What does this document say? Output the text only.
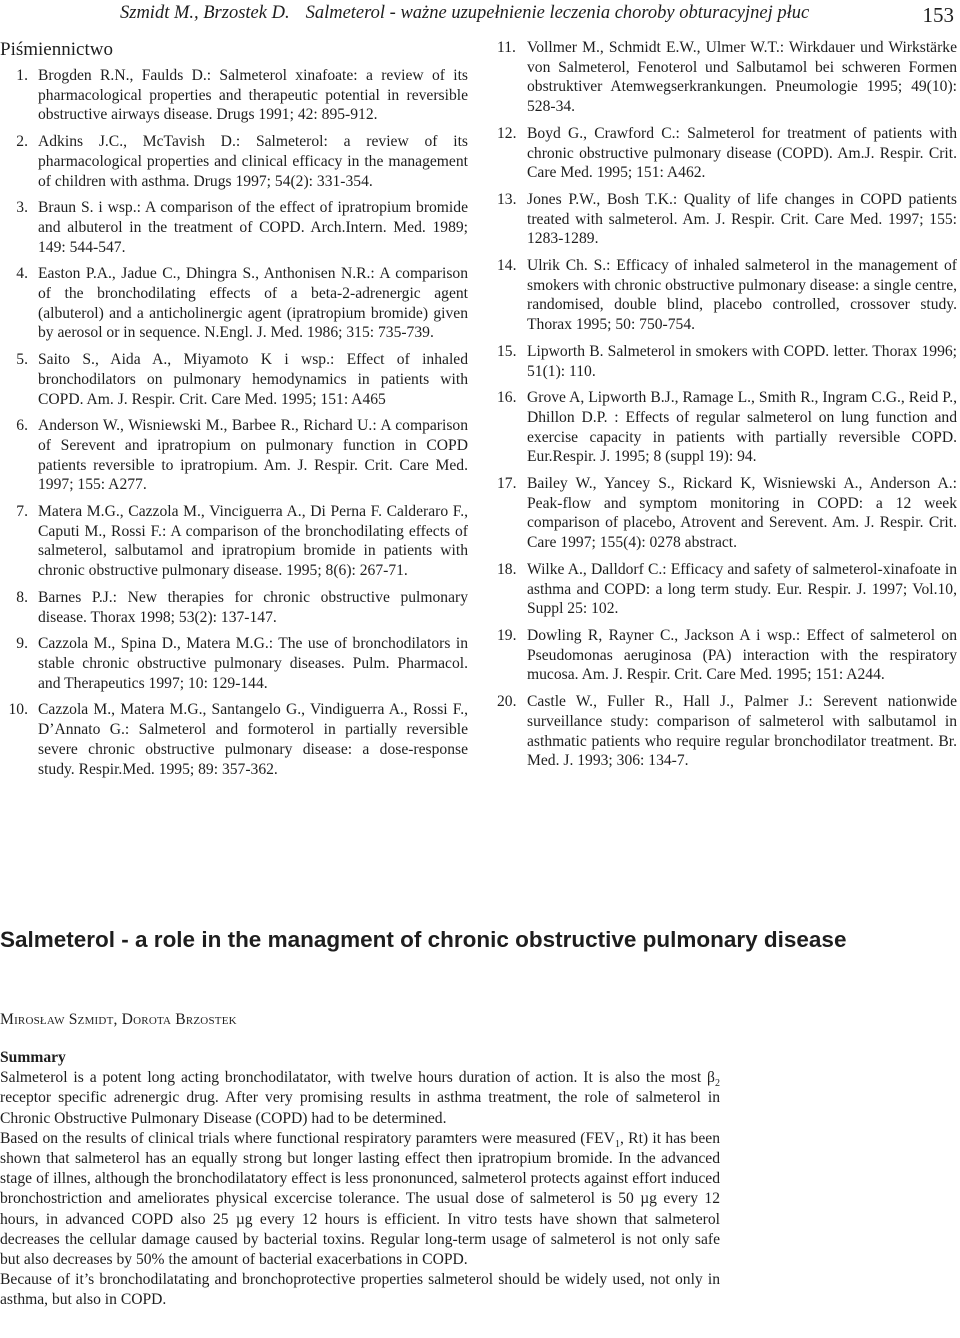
Szmidt M., Brzostek D. Salmeterol - ważne uzupełnienie leczenia choroby obturacyjnej płuc	153
Piśmiennictwo
1. Brogden R.N., Faulds D.: Salmeterol xinafoate: a review of its pharmacological properties and therapeutic potential in reversible obstructive airways disease. Drugs 1991; 42: 895-912.
2. Adkins J.C., McTavish D.: Salmeterol: a review of its pharmacological properties and clinical efficacy in the management of children with asthma. Drugs 1997; 54(2): 331-354.
3. Braun S. i wsp.: A comparison of the effect of ipratropium bromide and albuterol in the treatment of COPD. Arch.Intern. Med. 1989; 149: 544-547.
4. Easton P.A., Jadue C., Dhingra S., Anthonisen N.R.: A comparison of the bronchodilating effects of a beta-2-adrenergic agent (albuterol) and a anticholinergic agent (ipratropium bromide) given by aerosol or in sequence. N.Engl. J. Med. 1986; 315: 735-739.
5. Saito S., Aida A., Miyamoto K i wsp.: Effect of inhaled bronchodilators on pulmonary hemodynamics in patients with COPD. Am. J. Respir. Crit. Care Med. 1995; 151: A465
6. Anderson W., Wisniewski M., Barbee R., Richard U.: A comparison of Serevent and ipratropium on pulmonary function in COPD patients reversible to ipratropium. Am. J. Respir. Crit. Care Med. 1997; 155: A277.
7. Matera M.G., Cazzola M., Vinciguerra A., Di Perna F. Calderaro F., Caputi M., Rossi F.: A comparison of the bronchodilating effects of salmeterol, salbutamol and ipratropium bromide in patients with chronic obstructive pulmonary disease. 1995; 8(6): 267-71.
8. Barnes P.J.: New therapies for chronic obstructive pulmonary disease. Thorax 1998; 53(2): 137-147.
9. Cazzola M., Spina D., Matera M.G.: The use of bronchodilators in stable chronic obstructive pulmonary diseases. Pulm. Pharmacol. and Therapeutics 1997; 10: 129-144.
10. Cazzola M., Matera M.G., Santangelo G., Vindiguerra A., Rossi F., D’Annato G.: Salmeterol and formoterol in partially reversible severe chronic obstructive pulmonary disease: a dose-response study. Respir.Med. 1995; 89: 357-362.
11. Vollmer M., Schmidt E.W., Ulmer W.T.: Wirkdauer und Wirkstärke von Salmeterol, Fenoterol und Salbutamol bei schweren Formen obstruktiver Atemwegserkrankungen. Pneumologie 1995; 49(10): 528-34.
12. Boyd G., Crawford C.: Salmeterol for treatment of patients with chronic obstructive pulmonary disease (COPD). Am.J. Respir. Crit. Care Med. 1995; 151: A462.
13. Jones P.W., Bosh T.K.: Quality of life changes in COPD patients treated with salmeterol. Am. J. Respir. Crit. Care Med. 1997; 155: 1283-1289.
14. Ulrik Ch. S.: Efficacy of inhaled salmeterol in the management of smokers with chronic obstructive pulmonary disease: a single centre, randomised, double blind, placebo controlled, crossover study. Thorax 1995; 50: 750-754.
15. Lipworth B. Salmeterol in smokers with COPD. letter. Thorax 1996; 51(1): 110.
16. Grove A, Lipworth B.J., Ramage L., Smith R., Ingram C.G., Reid P., Dhillon D.P. : Effects of regular salmeterol on lung function and exercise capacity in patients with partially reversible COPD. Eur.Respir. J. 1995; 8 (suppl 19): 94.
17. Bailey W., Yancey S., Rickard K, Wisniewski A., Anderson A.: Peak-flow and symptom monitoring in COPD: a 12 week comparison of placebo, Atrovent and Serevent. Am. J. Respir. Crit. Care 1997; 155(4): 0278 abstract.
18. Wilke A., Dalldorf C.: Efficacy and safety of salmeterol-xinafoate in asthma and COPD: a long term study. Eur. Respir. J. 1997; Vol.10, Suppl 25: 102.
19. Dowling R, Rayner C., Jackson A i wsp.: Effect of salmeterol on Pseudomonas aeruginosa (PA) interaction with the respiratory mucosa. Am. J. Respir. Crit. Care Med. 1995; 151: A244.
20. Castle W., Fuller R., Hall J., Palmer J.: Serevent nationwide surveillance study: comparison of salmeterol with salbutamol in asthmatic patients who require regular bronchodilator treatment. Br. Med. J. 1993; 306: 134-7.
Salmeterol - a role in the managment of chronic obstructive pulmonary disease
Mirosław Szmidt, Dorota Brzostek

Summary

Salmeterol is a potent long acting bronchodilatator, with twelve hours duration of action. It is also the most $\beta_2$ receptor specific adrenergic drug. After very promising results in asthma treatment, the role of salmeterol in Chronic Obstructive Pulmonary Disease (COPD) had to be determined.

Based on the results of clinical trials where functional respiratory paramters were measured ($FEV_1$, Rt) it has been shown that salmeterol has an equally strong but longer lasting effect then ipratropium bromide. In the advanced stage of illnes, although the bronchodilatatory effect is less prononunced, salmeterol protects against effort induced bronchostriction and ameliorates physical excercise tolerance. The usual dose of salmeterol is 50 µg every 12 hours, in advanced COPD also 25 µg every 12 hours is efficient. In vitro tests have shown that salmeterol decreases the cellular damage caused by bacterial toxins. Regular long-term usage of salmeterol is not only safe but also decreases by 50% the amount of bacterial exacerbations in COPD.

Because of it’s bronchodilatating and bronchoprotective properties salmeterol should be widely used, not only in asthma, but also in COPD.
